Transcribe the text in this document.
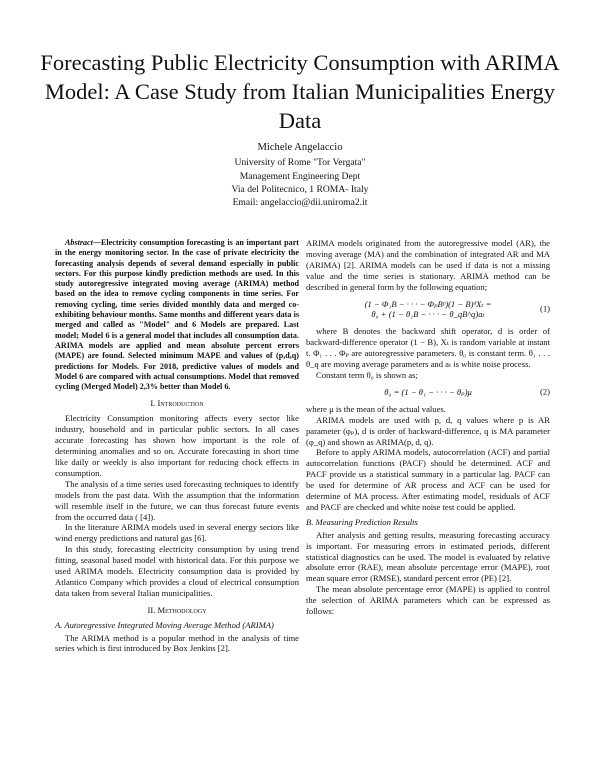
Forecasting Public Electricity Consumption with ARIMA Model: A Case Study from Italian Municipalities Energy Data
Michele Angelaccio
University of Rome "Tor Vergata"
Management Engineering Dept
Via del Politecnico, 1 ROMA- Italy
Email: angelaccio@dii.uniroma2.it

Abstract—Electricity consumption forecasting is an important part in the energy monitoring sector. In the case of private electricity the forecasting analysis depends of several demand especially in public sectors. For this purpose kindly prediction methods are used. In this study autoregressive integrated moving average (ARIMA) method based on the idea to remove cycling components in time series. For removing cycling, time series divided monthly data and merged co-exhibiting behaviour months. Same months and different years data is merged and called as "Model" and 6 Models are prepared. Last model; Model 6 is a general model that includes all consumption data. ARIMA models are applied and mean absolute percent errors (MAPE) are found. Selected minimum MAPE and values of (p,d,q) predictions for Models. For 2018, predictive values of models and Model 6 are compared with actual consumptions. Model that removed cycling (Merged Model) 2,3% better than Model 6.

I. Introduction

Electricity Consumption monitoring affects every sector like industry, household and in particular public sectors. In all cases accurate forecasting has shown how important is the role of determining anomalies and so on. Accurate forecasting in short time like daily or weekly is also important for reducing chock effects in consumption.

The analysis of a time series used forecasting techniques to identify models from the past data. With the assumption that the information will resemble itself in the future, we can thus forecast future events from the occurred data ( [4]).

In the literature ARIMA models used in several energy sectors like wind energy predictions and natural gas [6].

In this study, forecasting electricity consumption by using trend fitting, seasonal based model with historical data. For this purpose we used ARIMA models. Electricity consumption data is provided by Atlantico Company which provides a cloud of electrical consumption data taken from several Italian municipalities.

II. Methodology
A. Autoregressive Integrated Moving Average Method (ARIMA)

The ARIMA method is a popular method in the analysis of time series which is first introduced by Box Jenkins [2].

ARIMA models originated from the autoregressive model (AR), the moving average (MA) and the combination of integrated AR and MA (ARIMA) [2]. ARIMA models can be used if data is not a missing value and the time series is stationary. ARIMA method can be described in general form by the following equation;

(1 − Φ₁B − · · · − ΦₚBᵖ)(1 − B)ᵈXₜ =
θ₀ + (1 − θ₁B − · · · − θ_qB^q)aₜ
(1)

where B denotes the backward shift operator, d is order of backward-difference operator (1 − B), Xₜ is random variable at instant t. Φ₁ . . . Φₚ are autoregressive parameters. θ₀ is constant term. θ₁ . . . θ_q are moving average parameters and aₜ is white noise process.

Constant term θ₀ is shown as;

θ₀ = (1 − θ₁ − · · · − θₚ)μ	(2)

where μ is the mean of the actual values.

ARIMA models are used with p, d, q values where p is AR parameter (φₚ), d is order of backward-difference, q is MA parameter (φ_q) and shown as ARIMA(p, d, q).

Before to apply ARIMA models, autocorrelation (ACF) and partial autocorrelation functions (PACF) should be determined. ACF and PACF provide us a statistical summary in a particular lag. PACF can be used for determine of AR process and ACF can be used for determine of MA process. After estimating model, residuals of ACF and PACF are checked and white noise test could be applied.

B. Measuring Prediction Results

After analysis and getting results, measuring forecasting accuracy is important. For measuring errors in estimated periods, different statistical diagnostics can be used. The model is evaluated by relative absolute error (RAE), mean absolute percentage error (MAPE), root mean square error (RMSE), standard percent error (PE) [2].

The mean absolute percentage error (MAPE) is applied to control the selection of ARIMA parameters which can be expressed as follows:
